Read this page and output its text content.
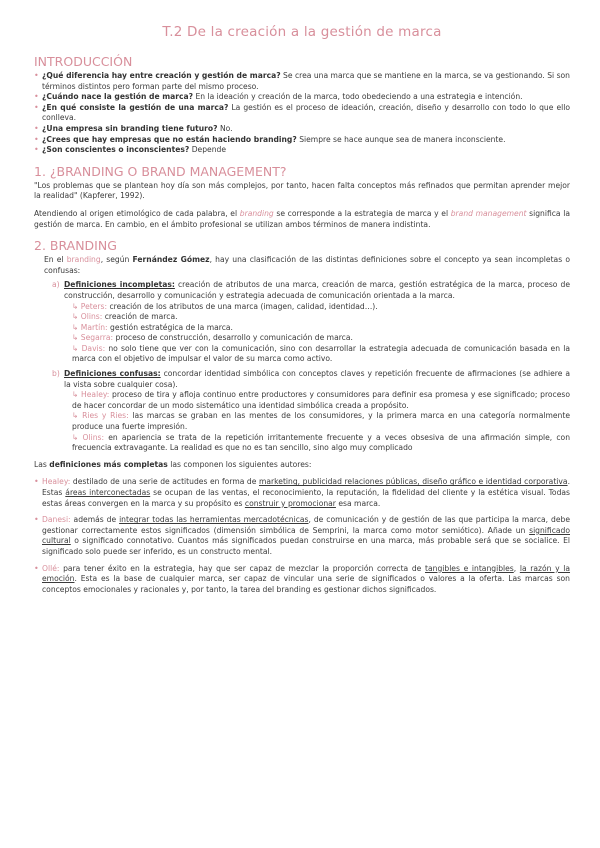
T.2 De la creación a la gestión de marca
INTRODUCCIÓN
• ¿Qué diferencia hay entre creación y gestión de marca? Se crea una marca que se mantiene en la marca, se va gestionando. Si son términos distintos pero forman parte del mismo proceso.
• ¿Cuándo nace la gestión de marca? En la ideación y creación de la marca, todo obedeciendo a una estrategia e intención.
• ¿En qué consiste la gestión de una marca? La gestión es el proceso de ideación, creación, diseño y desarrollo con todo lo que ello conlleva.
• ¿Una empresa sin branding tiene futuro? No.
• ¿Crees que hay empresas que no están haciendo branding? Siempre se hace aunque sea de manera inconsciente.
• ¿Son conscientes o inconscientes? Depende
1. ¿BRANDING O BRAND MANAGEMENT?

"Los problemas que se plantean hoy día son más complejos, por tanto, hacen falta conceptos más refinados que permitan aprender mejor la realidad" (Kapferer, 1992).

Atendiendo al origen etimológico de cada palabra, el branding se corresponde a la estrategia de marca y el brand management significa la gestión de marca. En cambio, en el ámbito profesional se utilizan ambos términos de manera indistinta.

2. BRANDING

En el branding, según Fernández Gómez, hay una clasificación de las distintas definiciones sobre el concepto ya sean incompletas o confusas:

a) Definiciones incompletas: creación de atributos de una marca, creación de marca, gestión estratégica de la marca, proceso de construcción, desarrollo y comunicación y estrategia adecuada de comunicación orientada a la marca.

↳ Peters: creación de los atributos de una marca (imagen, calidad, identidad…).
↳ Olins: creación de marca.
↳ Martín: gestión estratégica de la marca.
↳ Segarra: proceso de construcción, desarrollo y comunicación de marca.
↳ Davis: no solo tiene que ver con la comunicación, sino con desarrollar la estrategia adecuada de comunicación basada en la marca con el objetivo de impulsar el valor de su marca como activo.
b) Definiciones confusas: concordar identidad simbólica con conceptos claves y repetición frecuente de afirmaciones (se adhiere a la vista sobre cualquier cosa).

↳ Healey: proceso de tira y afloja continuo entre productores y consumidores para definir esa promesa y ese significado; proceso de hacer concordar de un modo sistemático una identidad simbólica creada a propósito.
↳ Ries y Ries: las marcas se graban en las mentes de los consumidores, y la primera marca en una categoría normalmente produce una fuerte impresión.
↳ Olins: en apariencia se trata de la repetición irritantemente frecuente y a veces obsesiva de una afirmación simple, con frecuencia extravagante. La realidad es que no es tan sencillo, sino algo muy complicado

Las definiciones más completas las componen los siguientes autores:

• Healey: destilado de una serie de actitudes en forma de marketing, publicidad relaciones públicas, diseño gráfico e identidad corporativa. Estas áreas interconectadas se ocupan de las ventas, el reconocimiento, la reputación, la fidelidad del cliente y la estética visual. Todas estas áreas convergen en la marca y su propósito es construir y promocionar esa marca.
• Danesi: además de integrar todas las herramientas mercadotécnicas, de comunicación y de gestión de las que participa la marca, debe gestionar correctamente estos significados (dimensión simbólica de Semprini, la marca como motor semiótico). Añade un significado cultural o significado connotativo. Cuantos más significados puedan construirse en una marca, más probable será que se socialice. El significado solo puede ser inferido, es un constructo mental.
• Ollé: para tener éxito en la estrategia, hay que ser capaz de mezclar la proporción correcta de tangibles e intangibles, la razón y la emoción. Esta es la base de cualquier marca, ser capaz de vincular una serie de significados o valores a la oferta. Las marcas son conceptos emocionales y racionales y, por tanto, la tarea del branding es gestionar dichos significados.
